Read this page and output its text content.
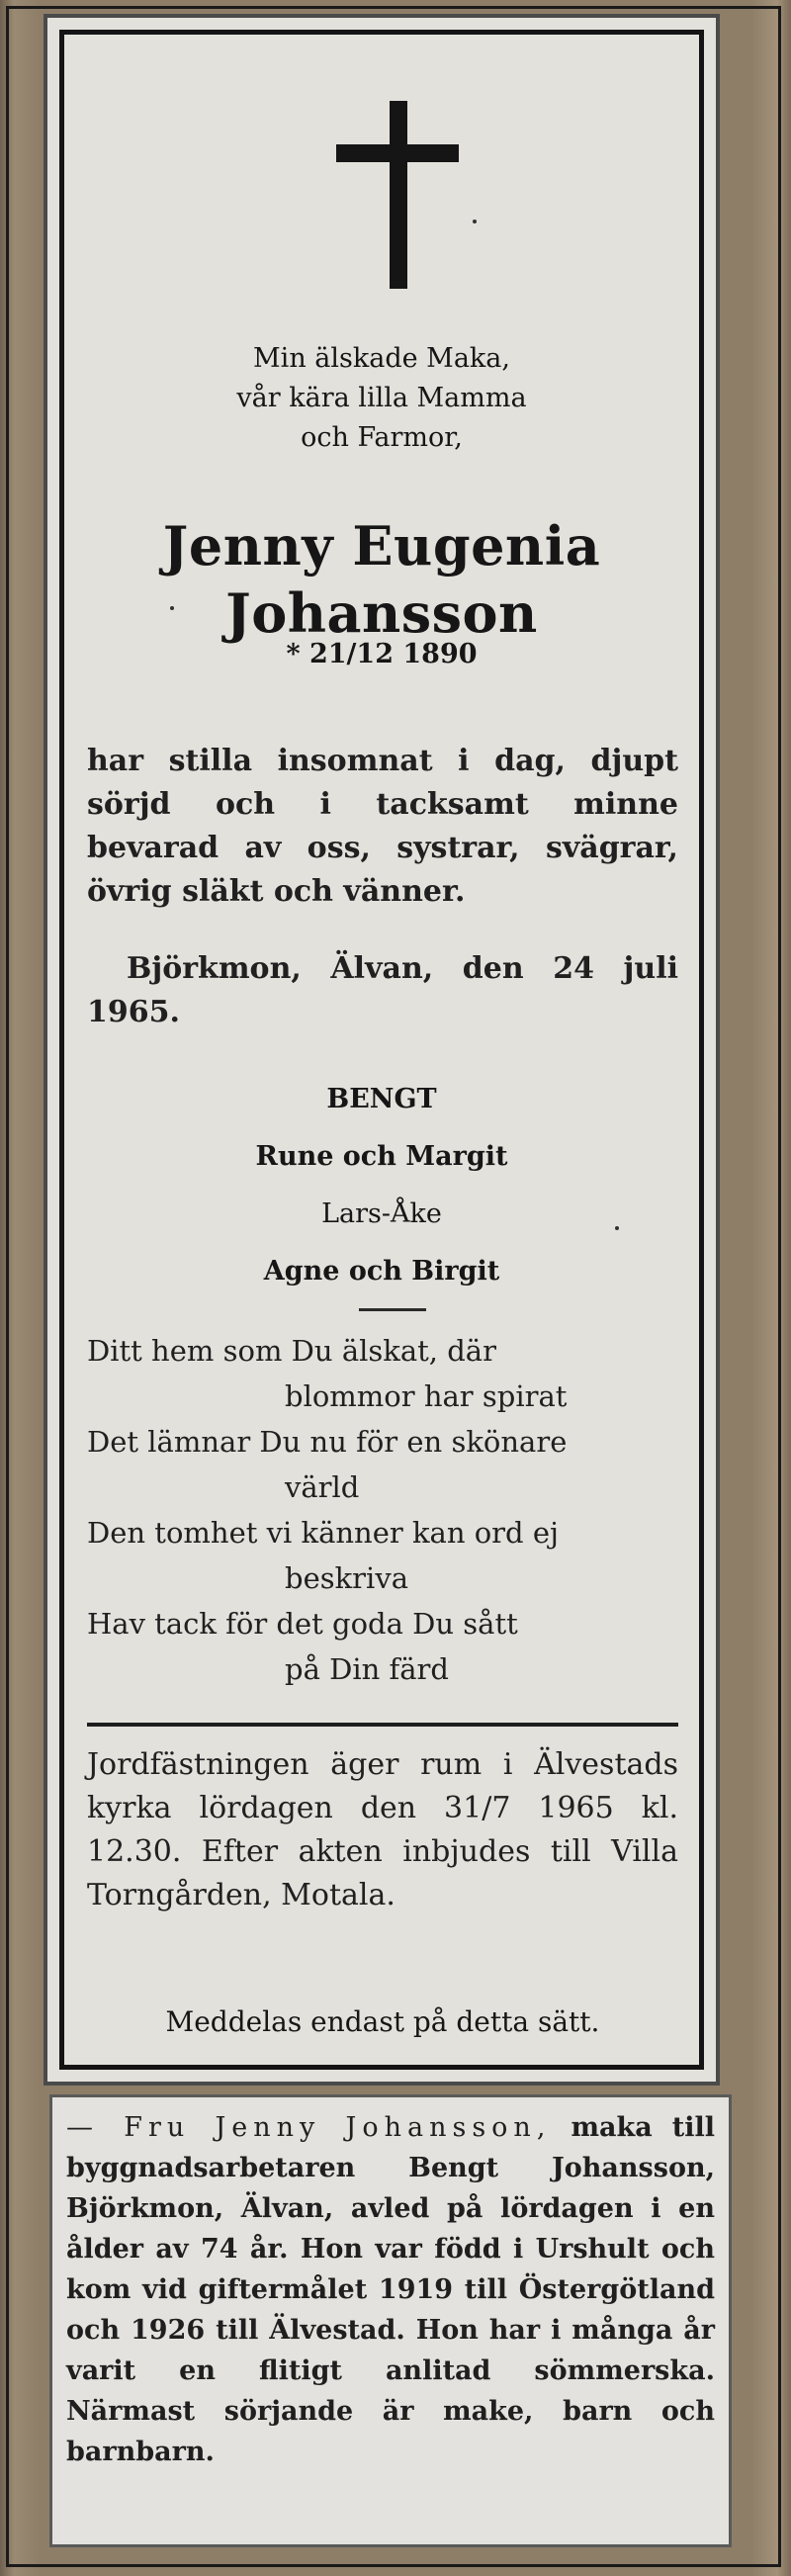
Min älskade Maka,
vår kära lilla Mamma
och Farmor,
Jenny Eugenia
Johansson
* 21/12 1890
har stilla insomnat i dag, djupt sörjd och i tacksamt minne bevarad av oss, systrar, svägrar, övrig släkt och vänner.
Björkmon, Älvan, den 24 juli 1965.
BENGT
Rune och Margit
Lars-Åke
Agne och Birgit
Ditt hem som Du älskat, där
blommor har spirat
Det lämnar Du nu för en skönare
värld
Den tomhet vi känner kan ord ej
beskriva
Hav tack för det goda Du sått
på Din färd
Jordfästningen äger rum i Älvestads kyrka lördagen den 31/7 1965 kl. 12.30. Efter akten inbjudes till Villa Torngården, Motala.
Meddelas endast på detta sätt.
— Fru Jenny Johansson, maka till byggnadsarbetaren Bengt Johansson, Björkmon, Älvan, avled på lördagen i en ålder av 74 år. Hon var född i Urshult och kom vid giftermålet 1919 till Östergötland och 1926 till Älvestad. Hon har i många år varit en flitigt anlitad sömmerska. Närmast sörjande är make, barn och barnbarn.
